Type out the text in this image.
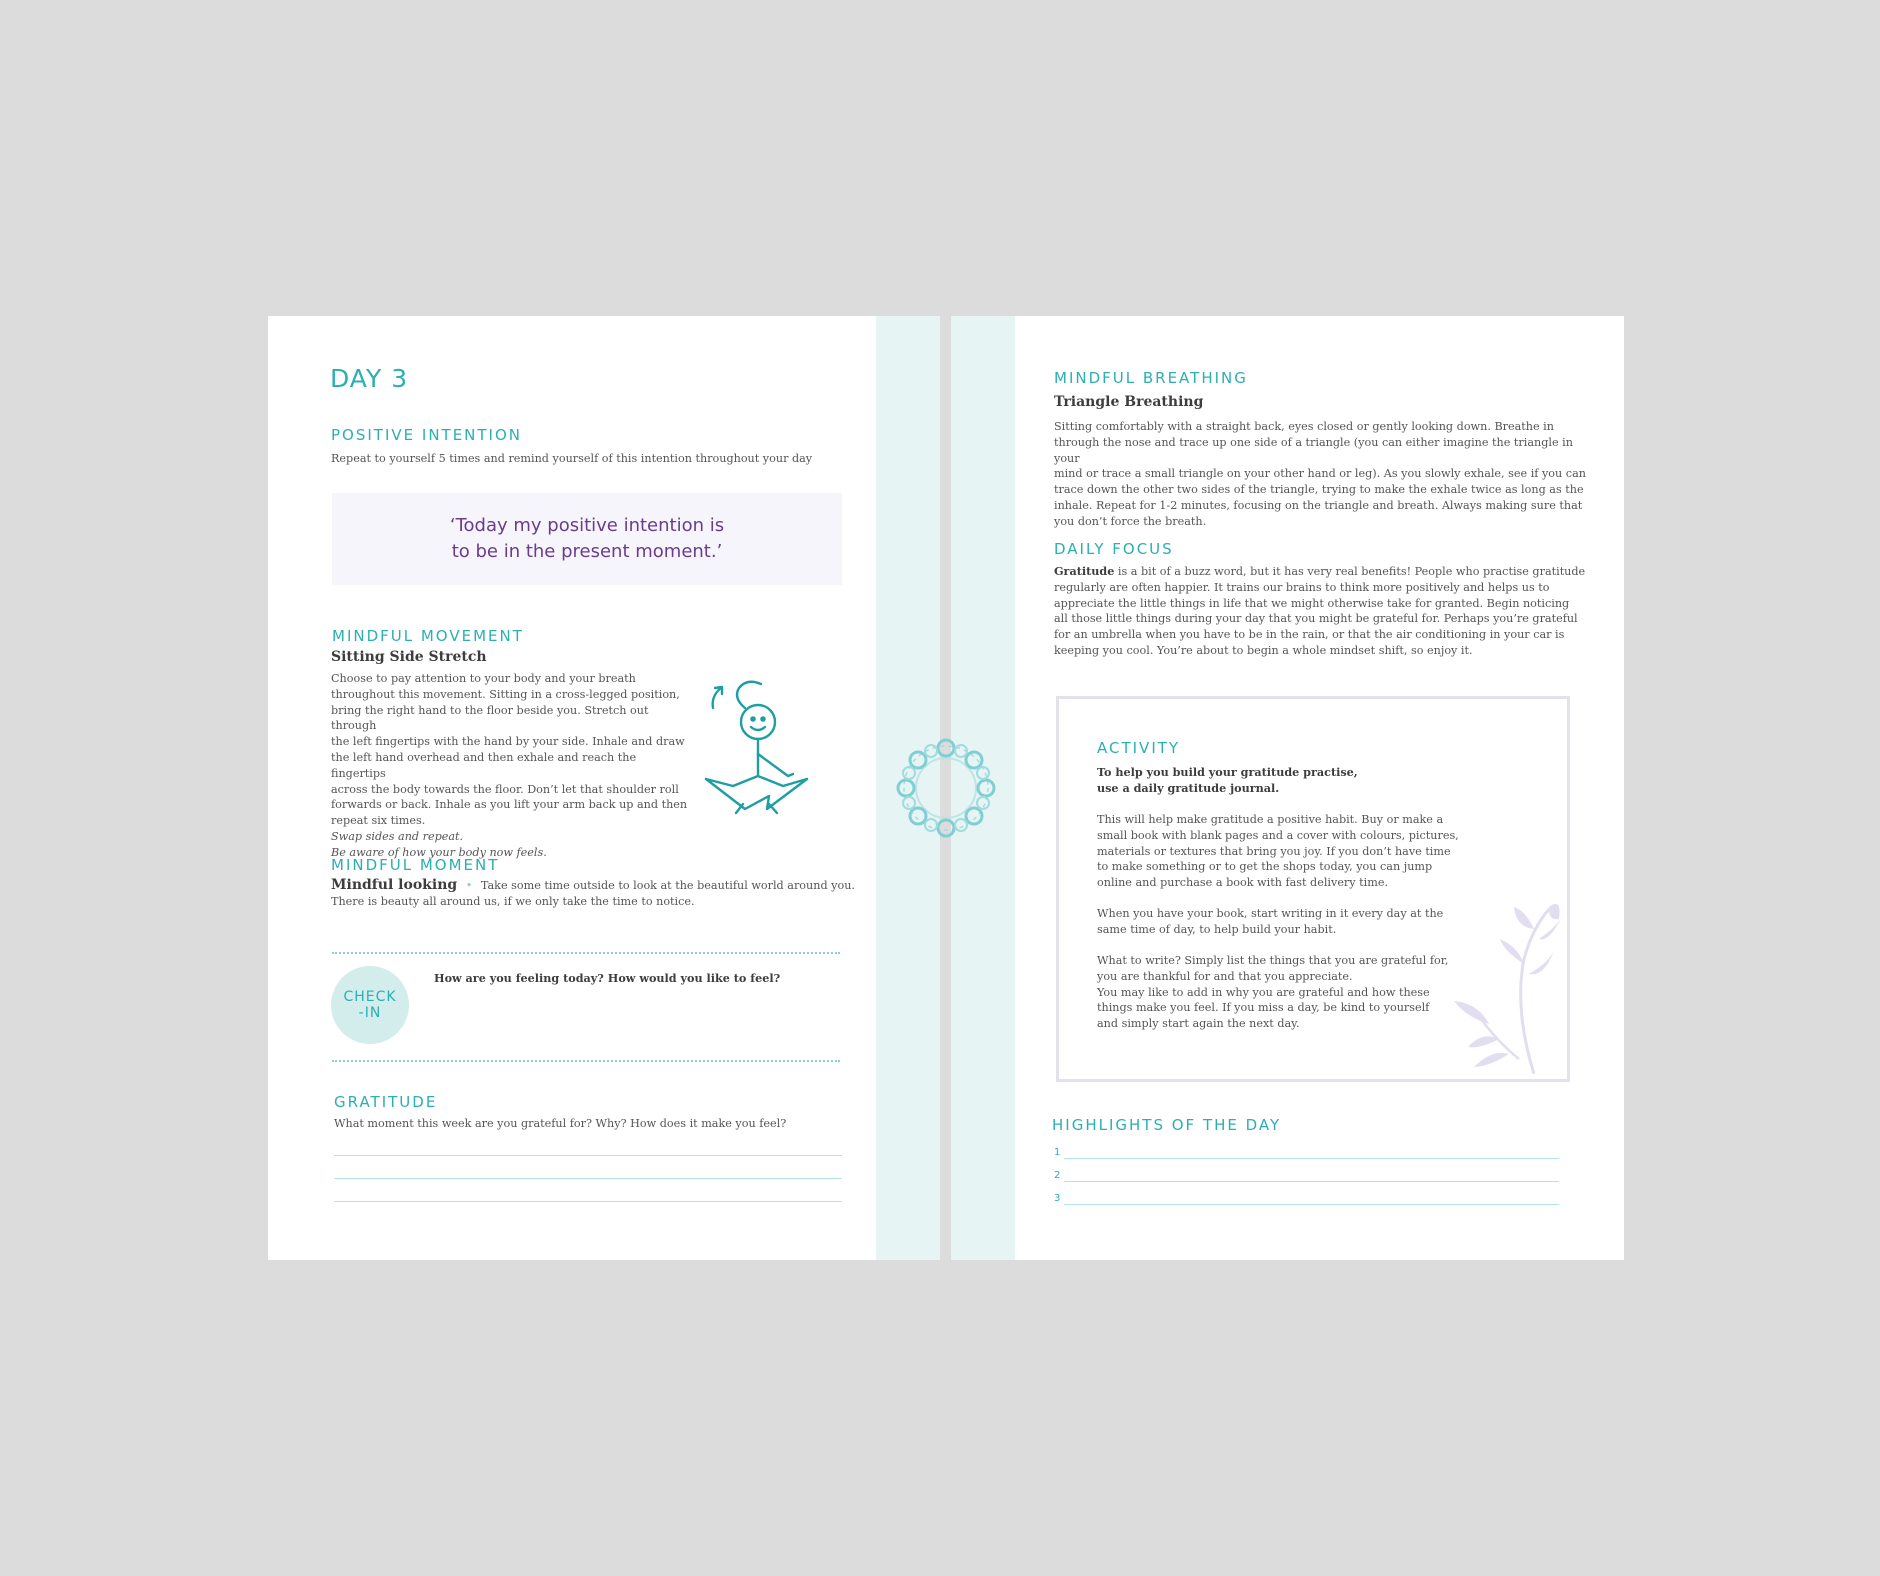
DAY 3
POSITIVE INTENTION
Repeat to yourself 5 times and remind yourself of this intention throughout your day
‘Today my positive intention is
to be in the present moment.’
MINDFUL MOVEMENT
Sitting Side Stretch
Choose to pay attention to your body and your breath
throughout this movement. Sitting in a cross-legged position,
bring the right hand to the floor beside you. Stretch out through
the left fingertips with the hand by your side. Inhale and draw
the left hand overhead and then exhale and reach the fingertips
across the body towards the floor. Don’t let that shoulder roll
forwards or back. Inhale as you lift your arm back up and then
repeat six times.
Swap sides and repeat.
Be aware of how your body now feels.
MINDFUL MOMENT
Mindful looking • Take some time outside to look at the beautiful world around you.
There is beauty all around us, if we only take the time to notice.
CHECK
-IN
How are you feeling today? How would you like to feel?
GRATITUDE
What moment this week are you grateful for? Why? How does it make you feel?
MINDFUL BREATHING
Triangle Breathing
Sitting comfortably with a straight back, eyes closed or gently looking down. Breathe in
through the nose and trace up one side of a triangle (you can either imagine the triangle in your
mind or trace a small triangle on your other hand or leg). As you slowly exhale, see if you can
trace down the other two sides of the triangle, trying to make the exhale twice as long as the
inhale. Repeat for 1-2 minutes, focusing on the triangle and breath. Always making sure that
you don’t force the breath.
DAILY FOCUS
Gratitude is a bit of a buzz word, but it has very real benefits! People who practise gratitude
regularly are often happier. It trains our brains to think more positively and helps us to
appreciate the little things in life that we might otherwise take for granted. Begin noticing
all those little things during your day that you might be grateful for. Perhaps you’re grateful
for an umbrella when you have to be in the rain, or that the air conditioning in your car is
keeping you cool. You’re about to begin a whole mindset shift, so enjoy it.
ACTIVITY
To help you build your gratitude practise,
use a daily gratitude journal.
This will help make gratitude a positive habit. Buy or make a
small book with blank pages and a cover with colours, pictures,
materials or textures that bring you joy. If you don’t have time
to make something or to get the shops today, you can jump
online and purchase a book with fast delivery time.
When you have your book, start writing in it every day at the
same time of day, to help build your habit.
What to write? Simply list the things that you are grateful for,
you are thankful for and that you appreciate.
You may like to add in why you are grateful and how these
things make you feel. If you miss a day, be kind to yourself
and simply start again the next day.
HIGHLIGHTS OF THE DAY
1
2
3
